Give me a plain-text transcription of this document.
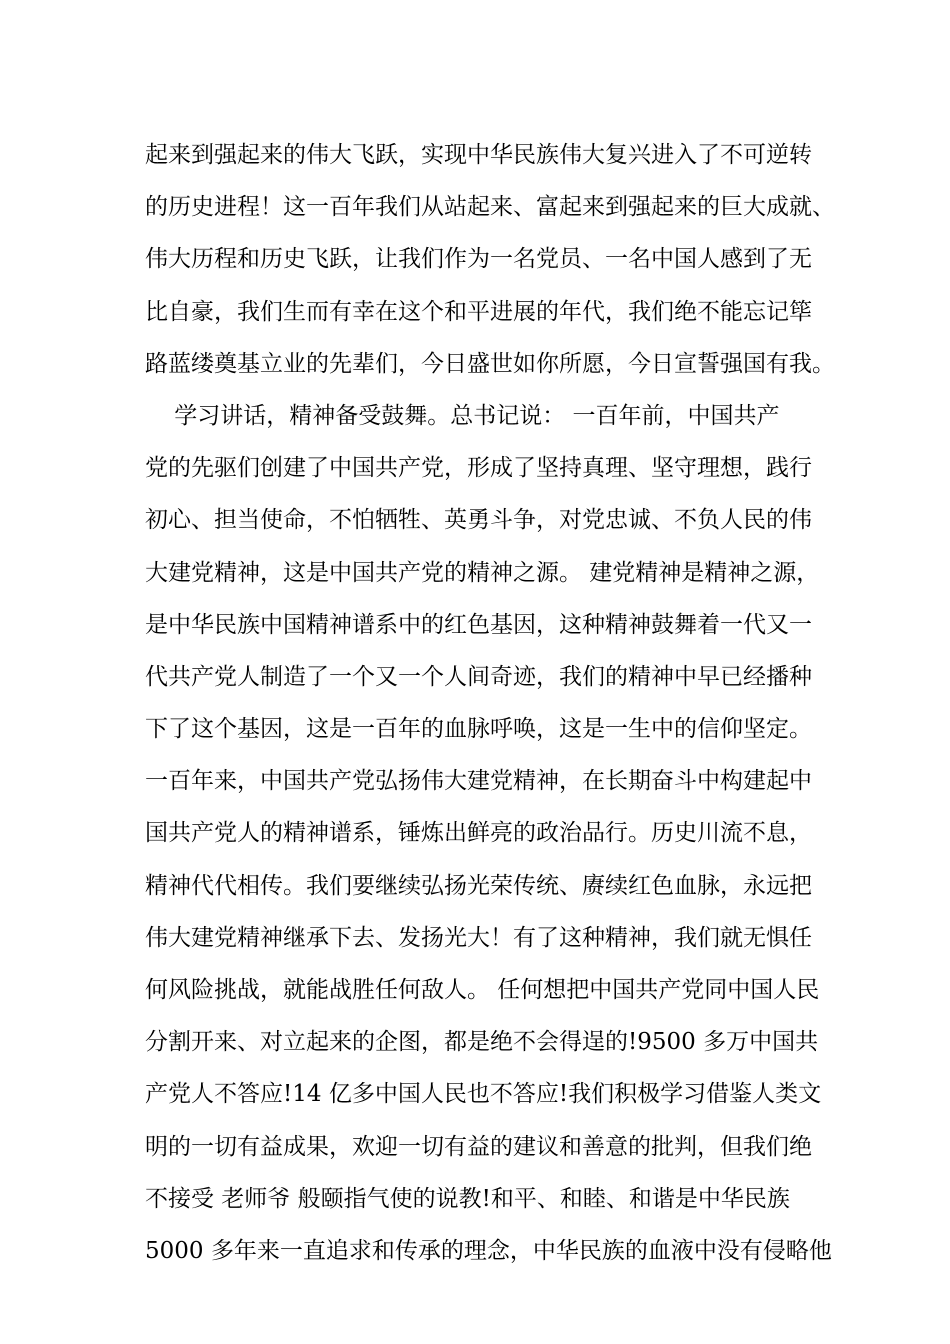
起来到强起来的伟大飞跃，实现中华民族伟大复兴进入了不可逆转
的历史进程！这一百年我们从站起来、富起来到强起来的巨大成就、
伟大历程和历史飞跃，让我们作为一名党员、一名中国人感到了无
比自豪，我们生而有幸在这个和平进展的年代，我们绝不能忘记筚
路蓝缕奠基立业的先辈们，今日盛世如你所愿，今日宣誓强国有我。
学习讲话，精神备受鼓舞。总书记说： 一百年前，中国共产
党的先驱们创建了中国共产党，形成了坚持真理、坚守理想，践行
初心、担当使命，不怕牺牲、英勇斗争，对党忠诚、不负人民的伟
大建党精神，这是中国共产党的精神之源。 建党精神是精神之源，
是中华民族中国精神谱系中的红色基因，这种精神鼓舞着一代又一
代共产党人制造了一个又一个人间奇迹，我们的精神中早已经播种
下了这个基因，这是一百年的血脉呼唤，这是一生中的信仰坚定。
一百年来，中国共产党弘扬伟大建党精神，在长期奋斗中构建起中
国共产党人的精神谱系，锤炼出鲜亮的政治品行。历史川流不息，
精神代代相传。我们要继续弘扬光荣传统、赓续红色血脉，永远把
伟大建党精神继承下去、发扬光大！有了这种精神，我们就无惧任
何风险挑战，就能战胜任何敌人。 任何想把中国共产党同中国人民
分割开来、对立起来的企图，都是绝不会得逞的!9500 多万中国共
产党人不答应!14 亿多中国人民也不答应!我们积极学习借鉴人类文
明的一切有益成果，欢迎一切有益的建议和善意的批判，但我们绝
不接受 老师爷 般颐指气使的说教!和平、和睦、和谐是中华民族
5000 多年来一直追求和传承的理念，中华民族的血液中没有侵略他
